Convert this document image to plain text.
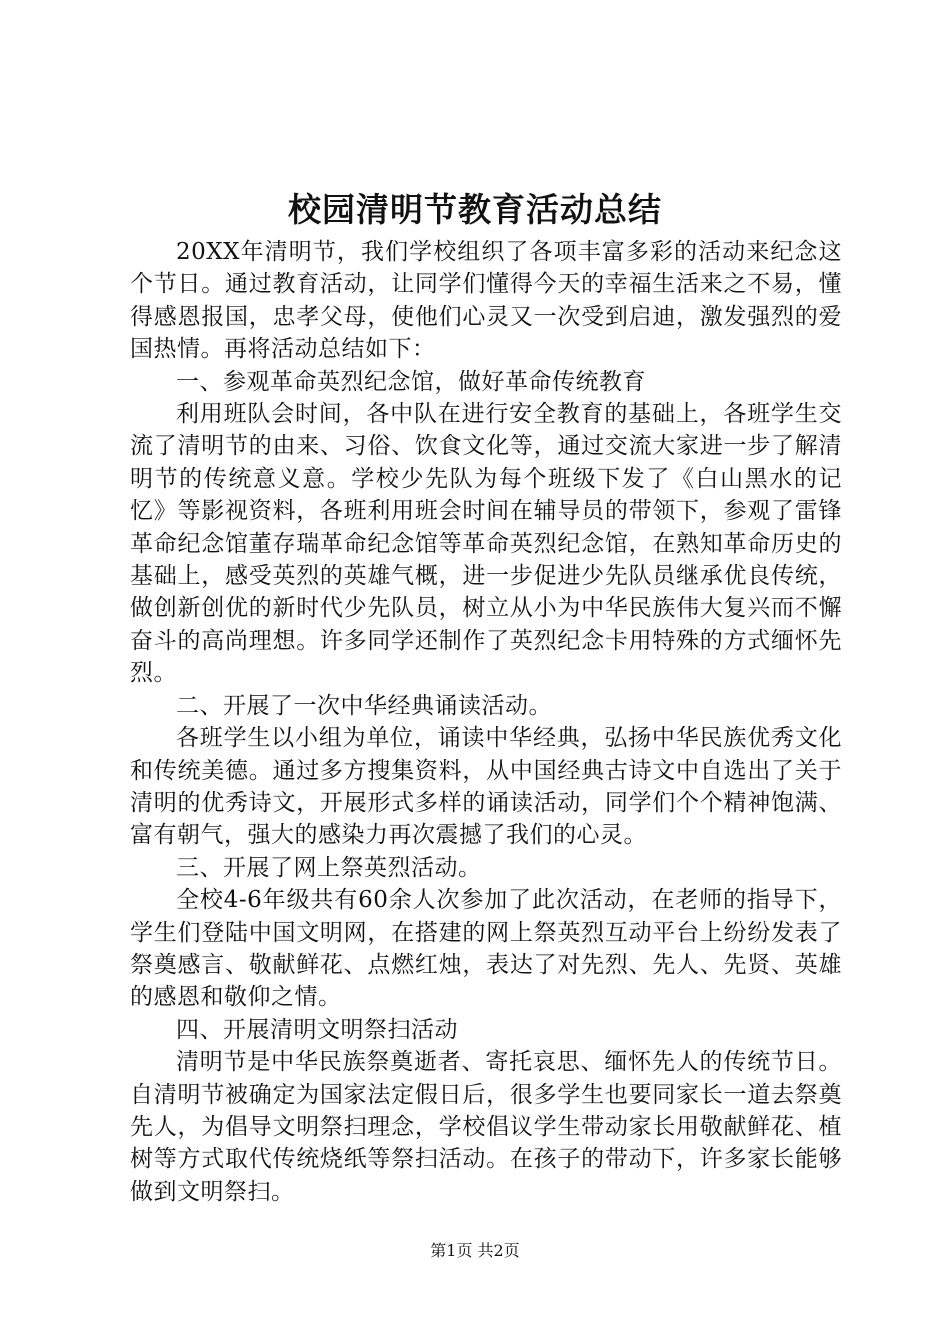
校园清明节教育活动总结

20XX年清明节，我们学校组织了各项丰富多彩的活动来纪念这个节日。通过教育活动，让同学们懂得今天的幸福生活来之不易，懂得感恩报国，忠孝父母，使他们心灵又一次受到启迪，激发强烈的爱国热情。再将活动总结如下：

一、参观革命英烈纪念馆，做好革命传统教育

利用班队会时间，各中队在进行安全教育的基础上，各班学生交流了清明节的由来、习俗、饮食文化等，通过交流大家进一步了解清明节的传统意义意。学校少先队为每个班级下发了《白山黑水的记忆》等影视资料，各班利用班会时间在辅导员的带领下，参观了雷锋革命纪念馆董存瑞革命纪念馆等革命英烈纪念馆，在熟知革命历史的基础上，感受英烈的英雄气概，进一步促进少先队员继承优良传统，做创新创优的新时代少先队员，树立从小为中华民族伟大复兴而不懈奋斗的高尚理想。许多同学还制作了英烈纪念卡用特殊的方式缅怀先烈。

二、开展了一次中华经典诵读活动。

各班学生以小组为单位，诵读中华经典，弘扬中华民族优秀文化和传统美德。通过多方搜集资料，从中国经典古诗文中自选出了关于清明的优秀诗文，开展形式多样的诵读活动，同学们个个精神饱满、富有朝气，强大的感染力再次震撼了我们的心灵。

三、开展了网上祭英烈活动。

全校4-6年级共有60余人次参加了此次活动，在老师的指导下，学生们登陆中国文明网，在搭建的网上祭英烈互动平台上纷纷发表了祭奠感言、敬献鲜花、点燃红烛，表达了对先烈、先人、先贤、英雄的感恩和敬仰之情。

四、开展清明文明祭扫活动

清明节是中华民族祭奠逝者、寄托哀思、缅怀先人的传统节日。自清明节被确定为国家法定假日后，很多学生也要同家长一道去祭奠先人，为倡导文明祭扫理念，学校倡议学生带动家长用敬献鲜花、植树等方式取代传统烧纸等祭扫活动。在孩子的带动下，许多家长能够做到文明祭扫。

第1页 共2页
